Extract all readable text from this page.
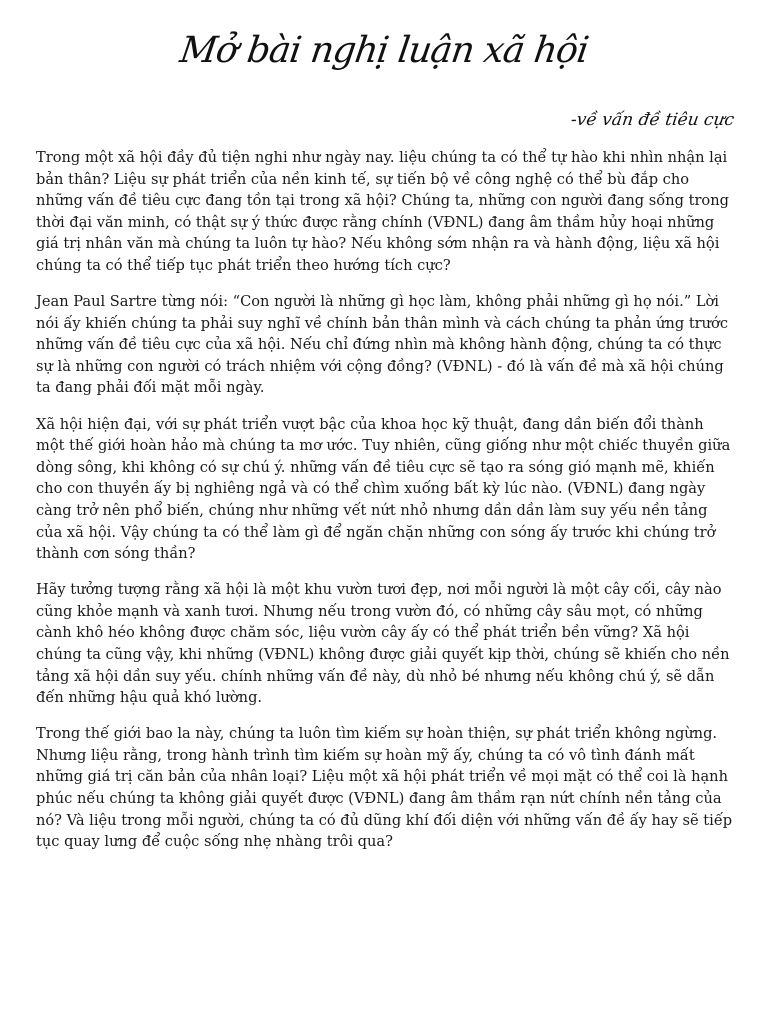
Mở bài nghị luận xã hội
-về vấn đề tiêu cực

Trong một xã hội đầy đủ tiện nghi như ngày nay. liệu chúng ta có thể tự hào khi nhìn nhận lại bản thân? Liệu sự phát triển của nền kinh tế, sự tiến bộ về công nghệ có thể bù đắp cho những vấn đề tiêu cực đang tồn tại trong xã hội? Chúng ta, những con người đang sống trong thời đại văn minh, có thật sự ý thức được rằng chính (VĐNL) đang âm thầm hủy hoại những giá trị nhân văn mà chúng ta luôn tự hào? Nếu không sớm nhận ra và hành động, liệu xã hội chúng ta có thể tiếp tục phát triển theo hướng tích cực?

Jean Paul Sartre từng nói: “Con người là những gì học làm, không phải những gì họ nói.” Lời nói ấy khiến chúng ta phải suy nghĩ về chính bản thân mình và cách chúng ta phản ứng trước những vấn đề tiêu cực của xã hội. Nếu chỉ đứng nhìn mà không hành động, chúng ta có thực sự là những con người có trách nhiệm với cộng đồng? (VĐNL) - đó là vấn đề mà xã hội chúng ta đang phải đối mặt mỗi ngày.

Xã hội hiện đại, với sự phát triển vượt bậc của khoa học kỹ thuật, đang dần biến đổi thành một thế giới hoàn hảo mà chúng ta mơ ước. Tuy nhiên, cũng giống như một chiếc thuyền giữa dòng sông, khi không có sự chú ý. những vấn đề tiêu cực sẽ tạo ra sóng gió mạnh mẽ, khiến cho con thuyền ấy bị nghiêng ngả và có thể chìm xuống bất kỳ lúc nào. (VĐNL) đang ngày càng trở nên phổ biến, chúng như những vết nứt nhỏ nhưng dần dần làm suy yếu nền tảng của xã hội. Vậy chúng ta có thể làm gì để ngăn chặn những con sóng ấy trước khi chúng trở thành cơn sóng thần?

Hãy tưởng tượng rằng xã hội là một khu vườn tươi đẹp, nơi mỗi người là một cây cối, cây nào cũng khỏe mạnh và xanh tươi. Nhưng nếu trong vườn đó, có những cây sâu mọt, có những cành khô héo không được chăm sóc, liệu vườn cây ấy có thể phát triển bền vững? Xã hội chúng ta cũng vậy, khi những (VĐNL) không được giải quyết kịp thời, chúng sẽ khiến cho nền tảng xã hội dần suy yếu. chính những vấn đề này, dù nhỏ bé nhưng nếu không chú ý, sẽ dẫn đến những hậu quả khó lường.

Trong thế giới bao la này, chúng ta luôn tìm kiếm sự hoàn thiện, sự phát triển không ngừng. Nhưng liệu rằng, trong hành trình tìm kiếm sự hoàn mỹ ấy, chúng ta có vô tình đánh mất những giá trị căn bản của nhân loại? Liệu một xã hội phát triển về mọi mặt có thể coi là hạnh phúc nếu chúng ta không giải quyết được (VĐNL) đang âm thầm rạn nứt chính nền tảng của nó? Và liệu trong mỗi người, chúng ta có đủ dũng khí đối diện với những vấn đề ấy hay sẽ tiếp tục quay lưng để cuộc sống nhẹ nhàng trôi qua?
